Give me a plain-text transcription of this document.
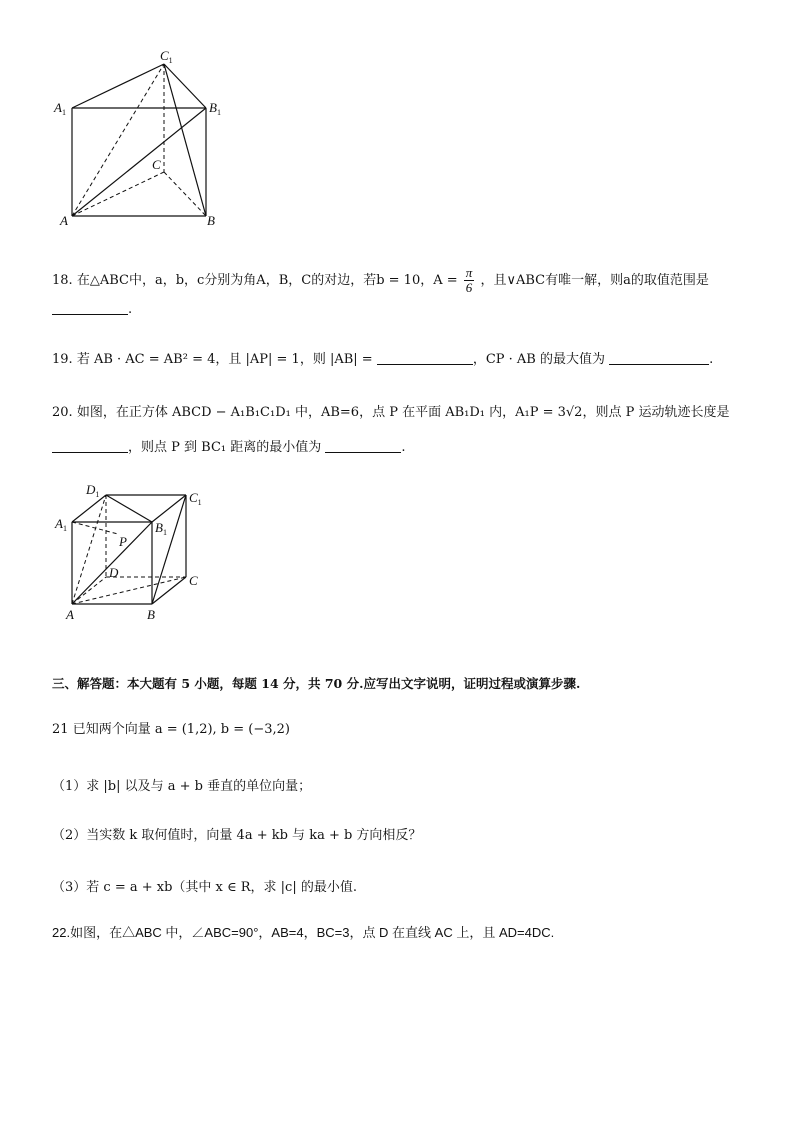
$C_1$
$A_1$	$B_1$
C
A	B
18. 在△ABC中，a，b，c分别为角A，B，C的对边，若b = 10，$A = \frac{\pi}{6}$ ，且∨ABC有唯一解，则a的取值范围是
.
19. 若 AB · AC = AB² = 4，且 |AP| = 1，则 |AB| =	，CP · AB 的最大值为	.
20. 如图，在正方体 ABCD − A₁B₁C₁D₁ 中，AB=6，点 P 在平面 AB₁D₁ 内，A₁P = 3√2，则点 P 运动轨迹长度是
，则点 P 到 BC₁ 距离的最小值为	.
$D_1$	$C_1$
$A_1$	$B_1$
P
D
C
A	B
三、解答题：本大题有 5 小题，每题 14 分，共 70 分.应写出文字说明，证明过程或演算步骤.
21 已知两个向量 a = (1,2), b = (−3,2)
（1）求 |b| 以及与 a + b 垂直的单位向量；
（2）当实数 k 取何值时，向量 4a + kb 与 ka + b 方向相反？
（3）若 c = a + xb（其中 x ∈ R，求 |c| 的最小值.
22.如图，在△ABC 中，∠ABC=90°，AB=4，BC=3，点 D 在直线 AC 上，且 AD=4DC.
